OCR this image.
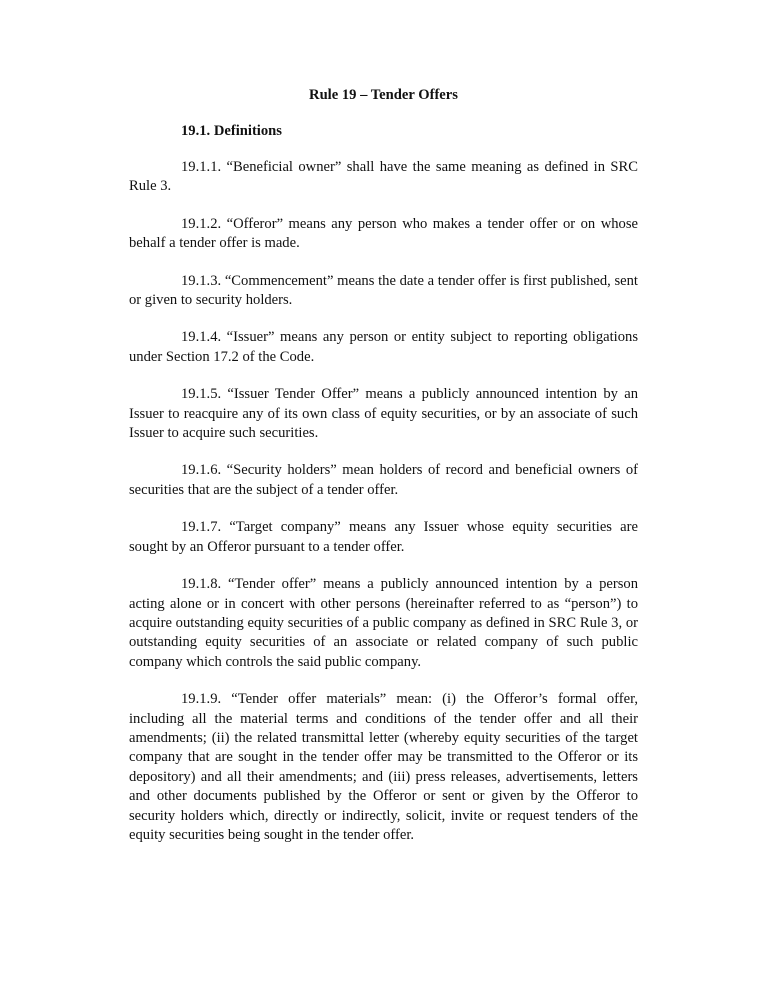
Rule 19 – Tender Offers
19.1. Definitions

19.1.1. “Beneficial owner” shall have the same meaning as defined in SRC Rule 3.

19.1.2. “Offeror” means any person who makes a tender offer or on whose behalf a tender offer is made.

19.1.3. “Commencement” means the date a tender offer is first published, sent or given to security holders.

19.1.4. “Issuer” means any person or entity subject to reporting obligations under Section 17.2 of the Code.

19.1.5. “Issuer Tender Offer” means a publicly announced intention by an Issuer to reacquire any of its own class of equity securities, or by an associate of such Issuer to acquire such securities.

19.1.6. “Security holders” mean holders of record and beneficial owners of securities that are the subject of a tender offer.

19.1.7. “Target company” means any Issuer whose equity securities are sought by an Offeror pursuant to a tender offer.

19.1.8. “Tender offer” means a publicly announced intention by a person acting alone or in concert with other persons (hereinafter referred to as “person”) to acquire outstanding equity securities of a public company as defined in SRC Rule 3, or outstanding equity securities of an associate or related company of such public company which controls the said public company.

19.1.9. “Tender offer materials” mean: (i) the Offeror’s formal offer, including all the material terms and conditions of the tender offer and all their amendments; (ii) the related transmittal letter (whereby equity securities of the target company that are sought in the tender offer may be transmitted to the Offeror or its depository) and all their amendments; and (iii) press releases, advertisements, letters and other documents published by the Offeror or sent or given by the Offeror to security holders which, directly or indirectly, solicit, invite or request tenders of the equity securities being sought in the tender offer.
